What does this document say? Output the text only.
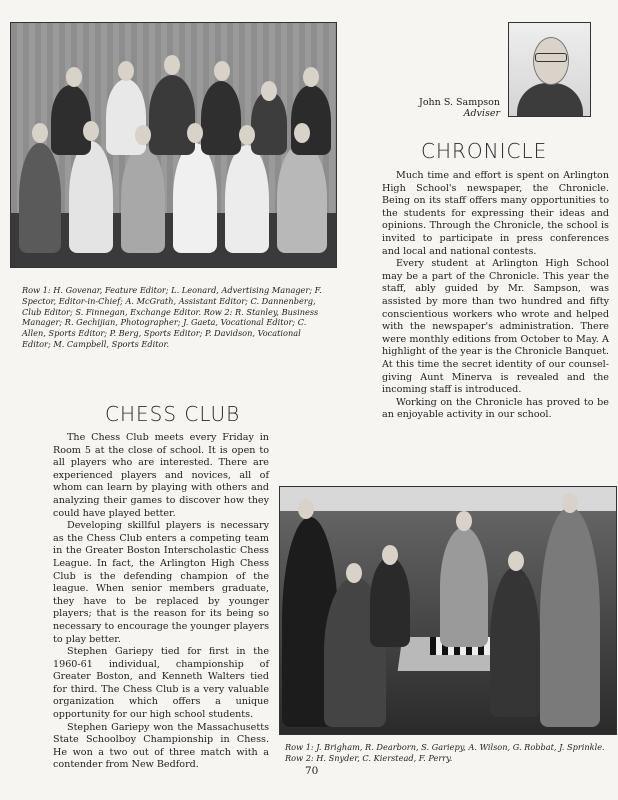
John S. Sampson
Adviser
CHRONICLE

Much time and effort is spent on Arlington High School's newspaper, the Chronicle. Being on its staff offers many opportunities to the students for expressing their ideas and opinions. Through the Chronicle, the school is invited to participate in press conferences and local and national contests.

Every student at Arlington High School may be a part of the Chronicle. This year the staff, ably guided by Mr. Sampson, was assisted by more than two hundred and fifty conscientious workers who wrote and helped with the newspaper's administration. There were monthly editions from October to May. A highlight of the year is the Chronicle Banquet. At this time the secret identity of our counsel-giving Aunt Minerva is revealed and the incoming staff is introduced.

Working on the Chronicle has proved to be an enjoyable activity in our school.

Row 1: H. Govenar, Feature Editor; L. Leonard, Advertising Manager; F. Spector, Editor-in-Chief; A. McGrath, Assistant Editor; C. Dannenberg, Club Editor; S. Finnegan, Exchange Editor. Row 2: R. Stanley, Business Manager; R. Gechijian, Photographer; J. Gaeta, Vocational Editor; C. Allen, Sports Editor; P. Berg, Sports Editor; P. Davidson, Vocational Editor; M. Campbell, Sports Editor.
CHESS CLUB

The Chess Club meets every Friday in Room 5 at the close of school. It is open to all players who are interested. There are experienced players and novices, all of whom can learn by playing with others and analyzing their games to discover how they could have played better.

Developing skillful players is necessary as the Chess Club enters a competing team in the Greater Boston Interscholastic Chess League. In fact, the Arlington High Chess Club is the defending champion of the league. When senior members graduate, they have to be replaced by younger players; that is the reason for its being so necessary to encourage the younger players to play better.

Stephen Gariepy tied for first in the 1960-61 individual, championship of Greater Boston, and Kenneth Walters tied for third. The Chess Club is a very valuable organization which offers a unique opportunity for our high school students.

Stephen Gariepy won the Massachusetts State Schoolboy Championship in Chess. He won a two out of three match with a contender from New Bedford.

Row 1: J. Brigham, R. Dearborn, S. Gariepy, A. Wilson, G. Robbat, J. Sprinkle.
Row 2: H. Snyder, C. Kierstead, F. Perry.
70
